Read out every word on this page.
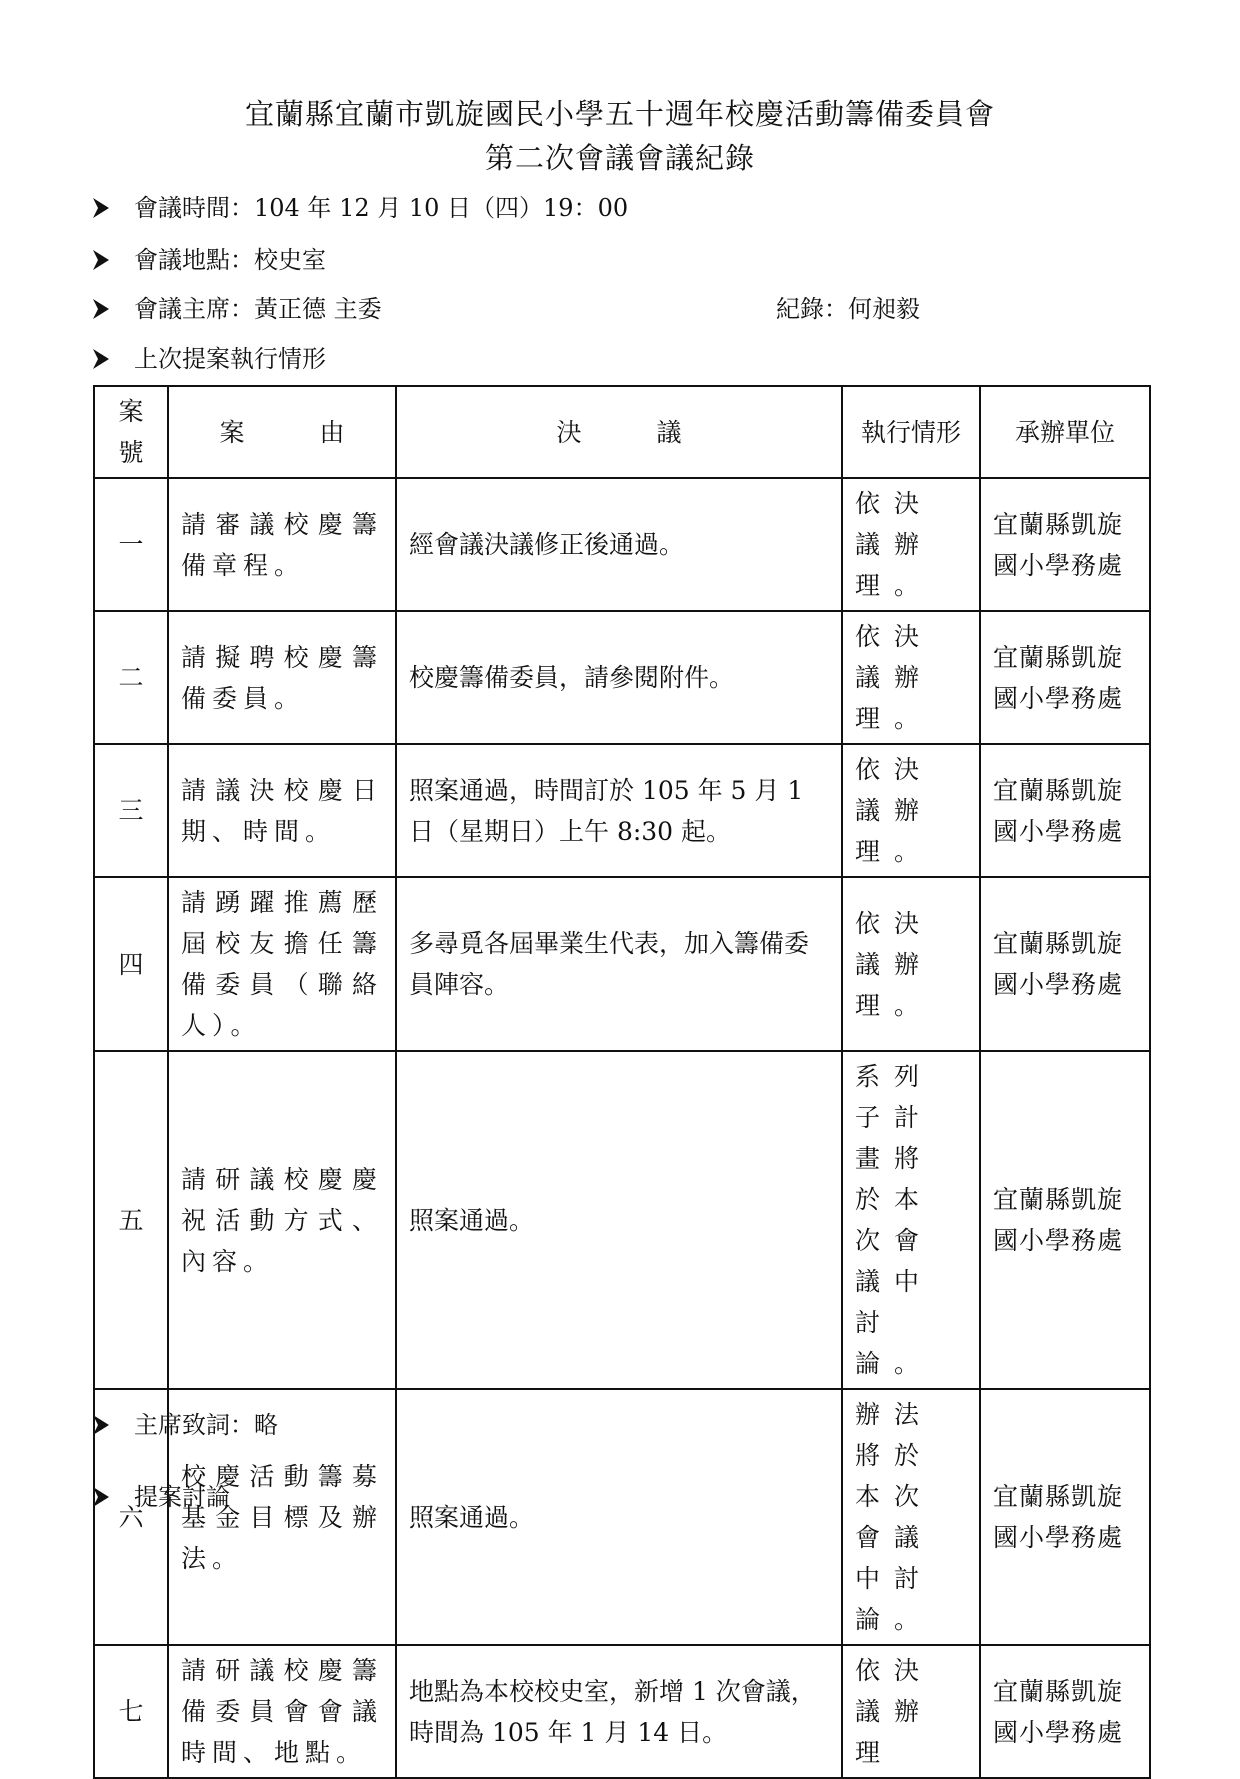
宜蘭縣宜蘭市凱旋國民小學五十週年校慶活動籌備委員會
第二次會議會議紀錄
會議時間：104 年 12 月 10 日（四）19：00
會議地點：校史室
會議主席：黃正德 主委	紀錄：何昶毅
上次提案執行情形
案號	案　　　由	決　　　議	執行情形	承辦單位
一	請審議校慶籌備章程。	經會議決議修正後通過。	依決議辦理。	宜蘭縣凱旋國小學務處
二	請擬聘校慶籌備委員。	校慶籌備委員，請參閱附件。	依決議辦理。	宜蘭縣凱旋國小學務處
三	請議決校慶日期、時間。	照案通過，時間訂於 105 年 5 月 1 日（星期日）上午 8:30 起。	依決議辦理。	宜蘭縣凱旋國小學務處
四	請踴躍推薦歷屆校友擔任籌備委員（聯絡人）。	多尋覓各屆畢業生代表，加入籌備委員陣容。	依決議辦理。	宜蘭縣凱旋國小學務處
五	請研議校慶慶祝活動方式、內容。	照案通過。	系列子計畫將於本次會議中討論。	宜蘭縣凱旋國小學務處
六	校慶活動籌募基金目標及辦法。	照案通過。	辦法將於本次會議中討論。	宜蘭縣凱旋國小學務處
七	請研議校慶籌備委員會會議時間、地點。	地點為本校校史室，新增 1 次會議，時間為 105 年 1 月 14 日。	依決議辦理	宜蘭縣凱旋國小學務處
主席致詞：略
提案討論
